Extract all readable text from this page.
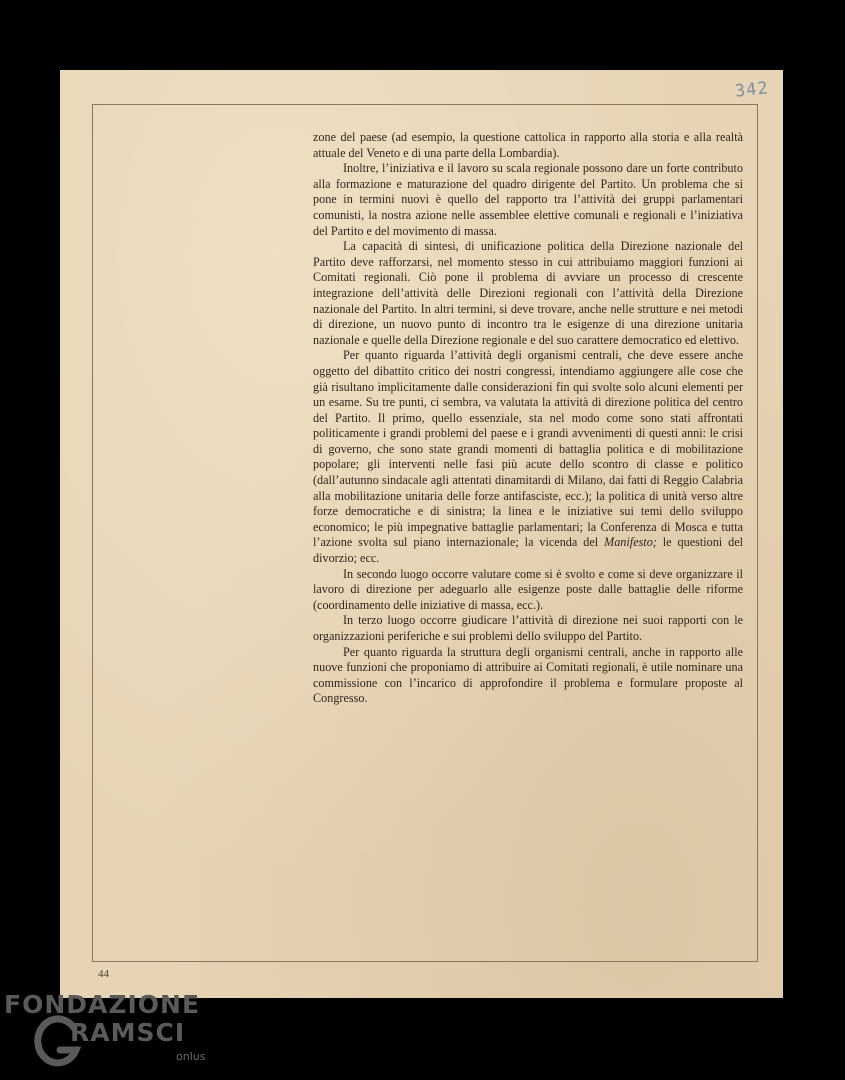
342

zone del paese (ad esempio, la questione cattolica in rapporto alla storia e alla realtà attuale del Veneto e di una parte della Lombardia).

Inoltre, l’iniziativa e il lavoro su scala regionale possono dare un forte contributo alla formazione e maturazione del quadro dirigente del Partito. Un problema che si pone in termini nuovi è quello del rapporto tra l’attività dei gruppi parlamentari comunisti, la nostra azione nelle assemblee elettive comunali e regionali e l’iniziativa del Partito e del movimento di massa.

La capacità di sintesi, di unificazione politica della Direzione nazionale del Partito deve rafforzarsi, nel momento stesso in cui attribuiamo maggiori funzioni ai Comitati regionali. Ciò pone il problema di avviare un processo di crescente integrazione dell’attività delle Direzioni regionali con l’attività della Direzione nazionale del Partito. In altri termini, si deve trovare, anche nelle strutture e nei metodi di direzione, un nuovo punto di incontro tra le esigenze di una direzione unitaria nazionale e quelle della Direzione regionale e del suo carattere democratico ed elettivo.

Per quanto riguarda l’attività degli organismi centrali, che deve essere anche oggetto del dibattito critico dei nostri congressi, intendiamo aggiungere alle cose che già risultano implicitamente dalle considerazioni fin qui svolte solo alcuni elementi per un esame. Su tre punti, ci sembra, va valutata la attività di direzione politica del centro del Partito. Il primo, quello essenziale, sta nel modo come sono stati affrontati politicamente i grandi problemi del paese e i grandi avvenimenti di questi anni: le crisi di governo, che sono state grandi momenti di battaglia politica e di mobilitazione popolare; gli interventi nelle fasi più acute dello scontro di classe e politico (dall’autunno sindacale agli attentati dinamitardi di Milano, dai fatti di Reggio Calabria alla mobilitazione unitaria delle forze antifasciste, ecc.); la politica di unità verso altre forze democratiche e di sinistra; la linea e le iniziative sui temi dello sviluppo economico; le più impegnative battaglie parlamentari; la Conferenza di Mosca e tutta l’azione svolta sul piano internazionale; la vicenda del Manifesto; le questioni del divorzio; ecc.

In secondo luogo occorre valutare come si è svolto e come si deve organizzare il lavoro di direzione per adeguarlo alle esigenze poste dalle battaglie delle riforme (coordinamento delle iniziative di massa, ecc.).

In terzo luogo occorre giudicare l’attività di direzione nei suoi rapporti con le organizzazioni periferiche e sui problemi dello sviluppo del Partito.

Per quanto riguarda la struttura degli organismi centrali, anche in rapporto alle nuove funzioni che proponiamo di attribuire ai Comitati regionali, è utile nominare una commissione con l’incarico di approfondire il problema e formulare proposte al Congresso.

44
FONDAZIONE
RAMSCI
onlus
